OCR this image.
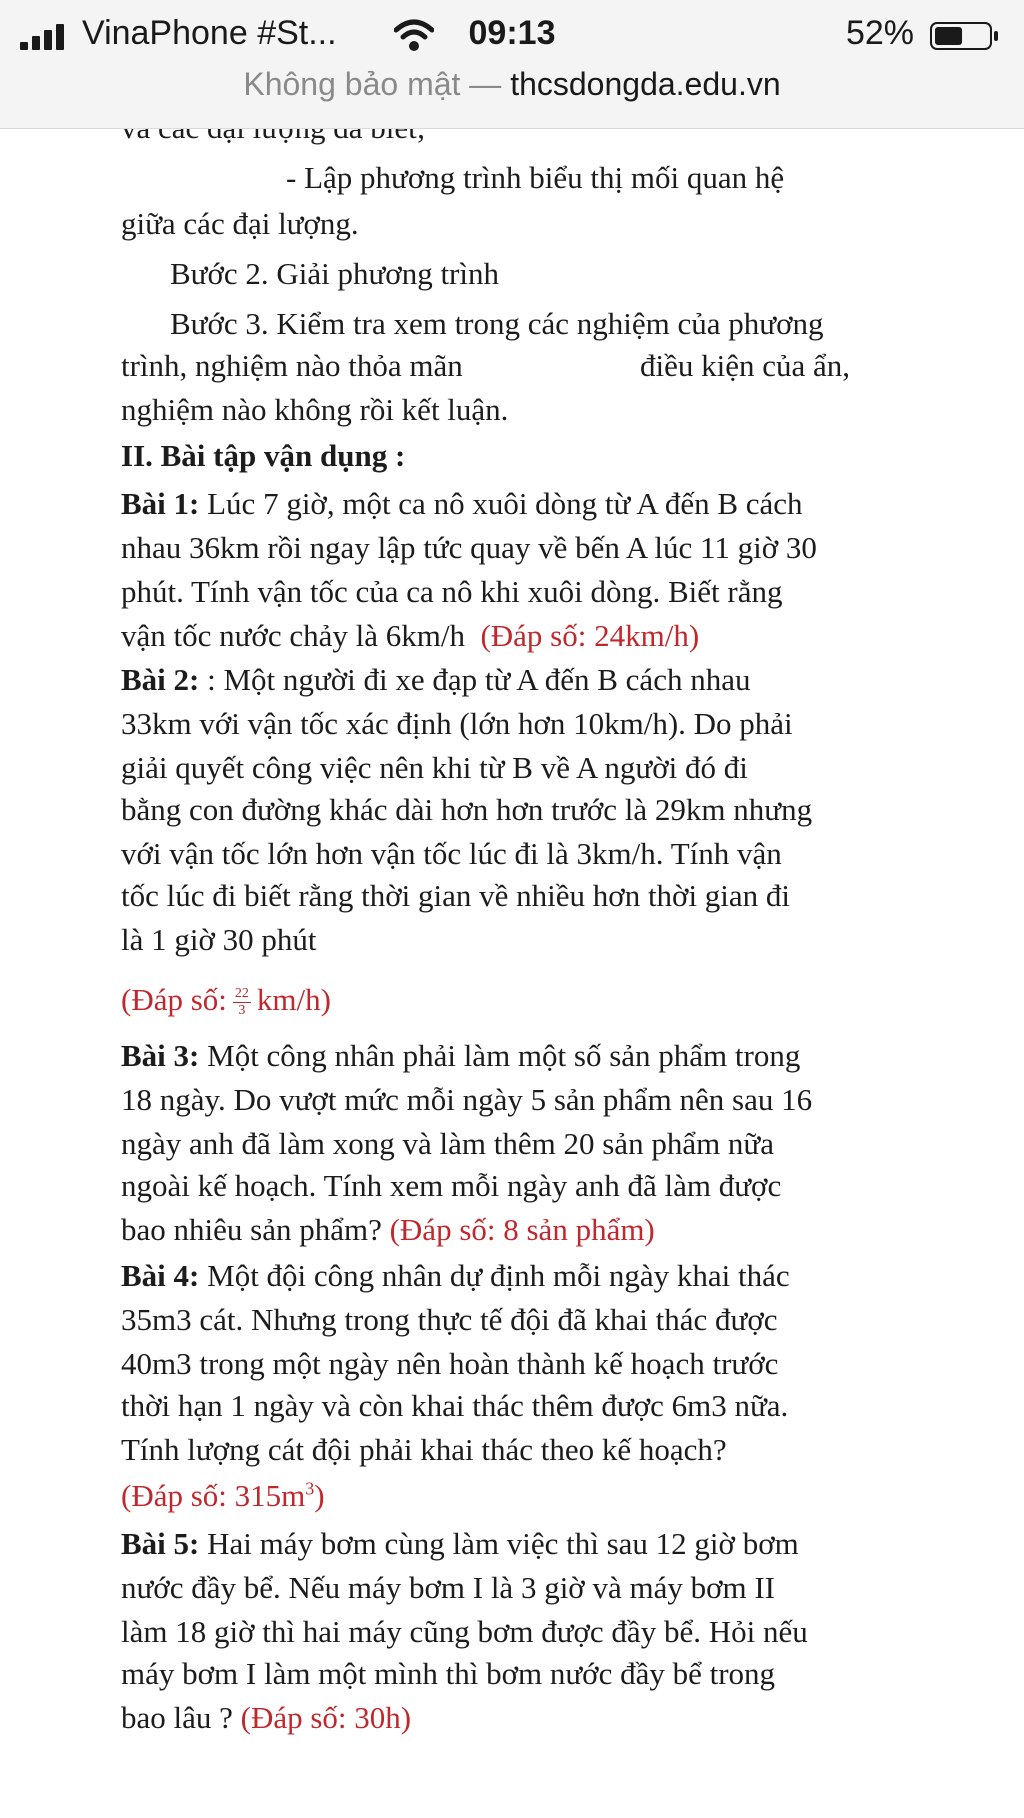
VinaPhone #St...	09:13	52%
Không bảo mật — thcsdongda.edu.vn
- Lập phương trình biểu thị mối quan hệ
giữa các đại lượng.
Bước 2. Giải phương trình
Bước 3. Kiểm tra xem trong các nghiệm của phương
trình, nghiệm nào thỏa mãn	điều kiện của ẩn,
nghiệm nào không rồi kết luận.
II. Bài tập vận dụng :
Bài 1: Lúc 7 giờ, một ca nô xuôi dòng từ A đến B cách
nhau 36km rồi ngay lập tức quay về bến A lúc 11 giờ 30
phút. Tính vận tốc của ca nô khi xuôi dòng. Biết rằng
vận tốc nước chảy là 6km/h (Đáp số: 24km/h)
Bài 2: : Một người đi xe đạp từ A đến B cách nhau
33km với vận tốc xác định (lớn hơn 10km/h). Do phải
giải quyết công việc nên khi từ B về A người đó đi
bằng con đường khác dài hơn hơn trước là 29km nhưng
với vận tốc lớn hơn vận tốc lúc đi là 3km/h. Tính vận
tốc lúc đi biết rằng thời gian về nhiều hơn thời gian đi
là 1 giờ 30 phút
(Đáp số: $\frac{22}{3} km/h$)
Bài 3: Một công nhân phải làm một số sản phẩm trong
18 ngày. Do vượt mức mỗi ngày 5 sản phẩm nên sau 16
ngày anh đã làm xong và làm thêm 20 sản phẩm nữa
ngoài kế hoạch. Tính xem mỗi ngày anh đã làm được
bao nhiêu sản phẩm? (Đáp số: 8 sản phẩm)
Bài 4: Một đội công nhân dự định mỗi ngày khai thác
35m3 cát. Nhưng trong thực tế đội đã khai thác được
40m3 trong một ngày nên hoàn thành kế hoạch trước
thời hạn 1 ngày và còn khai thác thêm được 6m3 nữa.
Tính lượng cát đội phải khai thác theo kế hoạch?
(Đáp số: $315m^3$)
Bài 5: Hai máy bơm cùng làm việc thì sau 12 giờ bơm
nước đầy bể. Nếu máy bơm I là 3 giờ và máy bơm II
làm 18 giờ thì hai máy cũng bơm được đầy bể. Hỏi nếu
máy bơm I làm một mình thì bơm nước đầy bể trong
bao lâu ? (Đáp số: 30h)
